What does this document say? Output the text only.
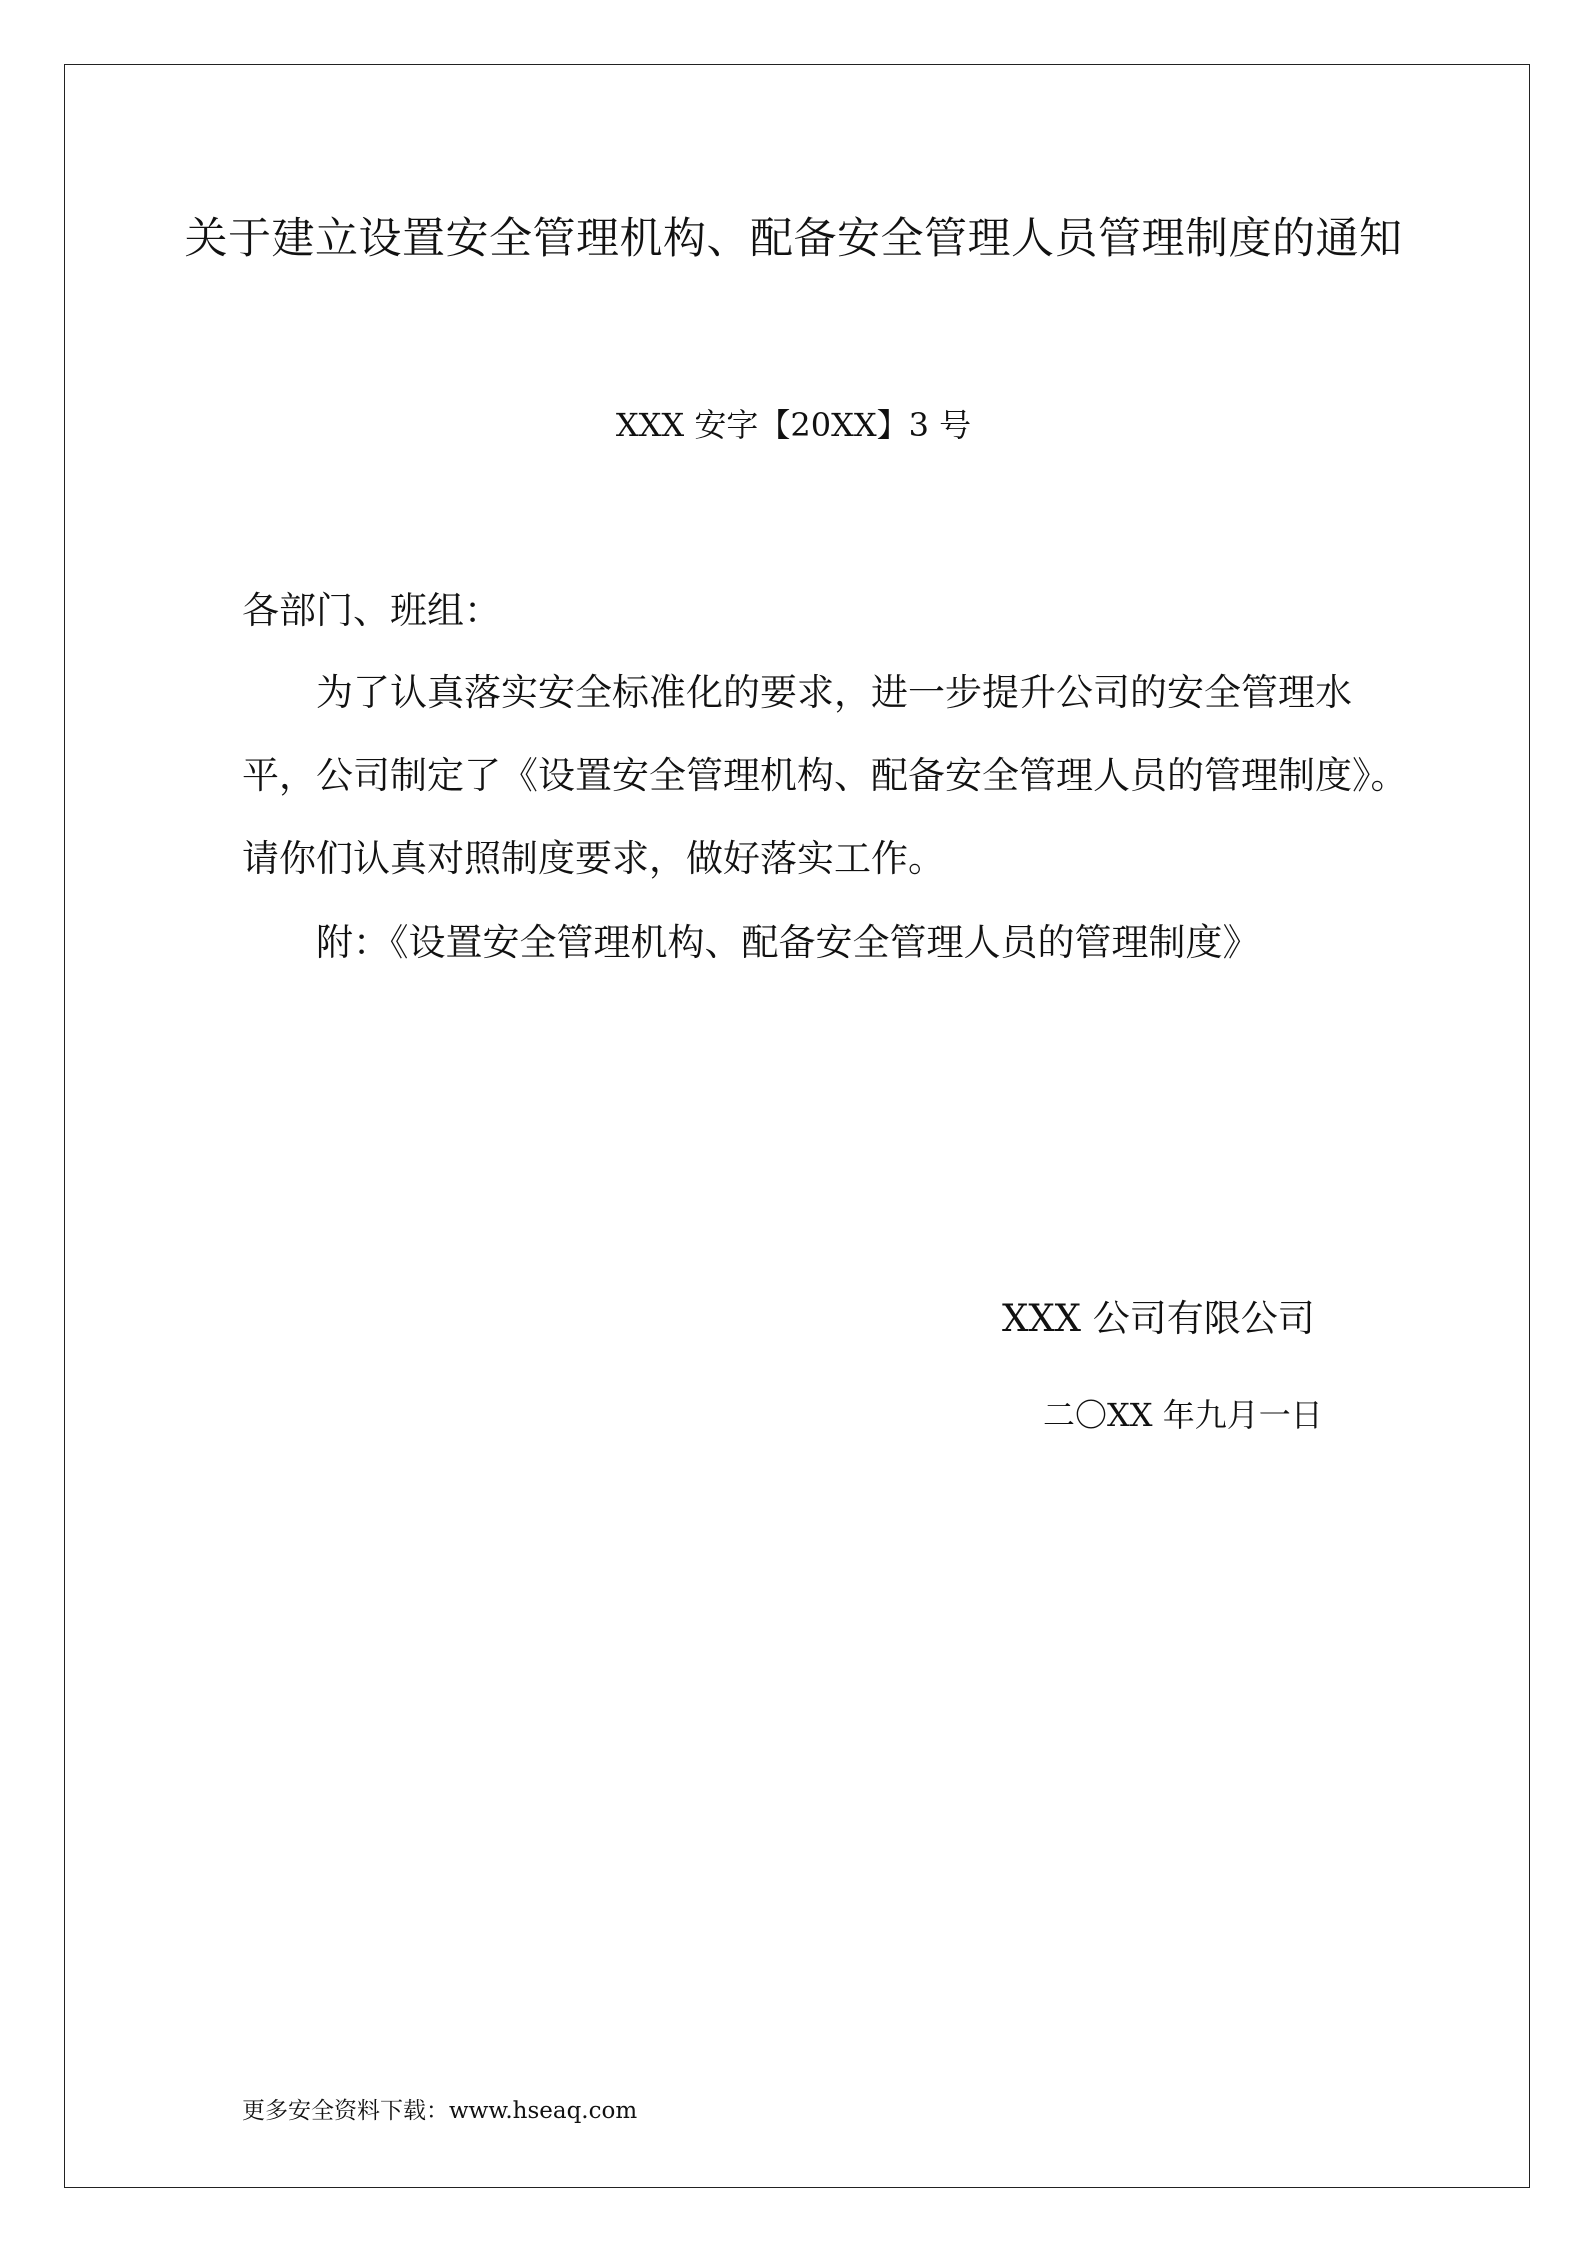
关于建立设置安全管理机构、配备安全管理人员管理制度的通知
XXX 安字【20XX】3 号
各部门、班组：
为了认真落实安全标准化的要求，进一步提升公司的安全管理水
平，公司制定了《设置安全管理机构、配备安全管理人员的管理制度》。
请你们认真对照制度要求，做好落实工作。
附：《设置安全管理机构、配备安全管理人员的管理制度》
XXX 公司有限公司
二〇XX 年九月一日
更多安全资料下载：www.hseaq.com
